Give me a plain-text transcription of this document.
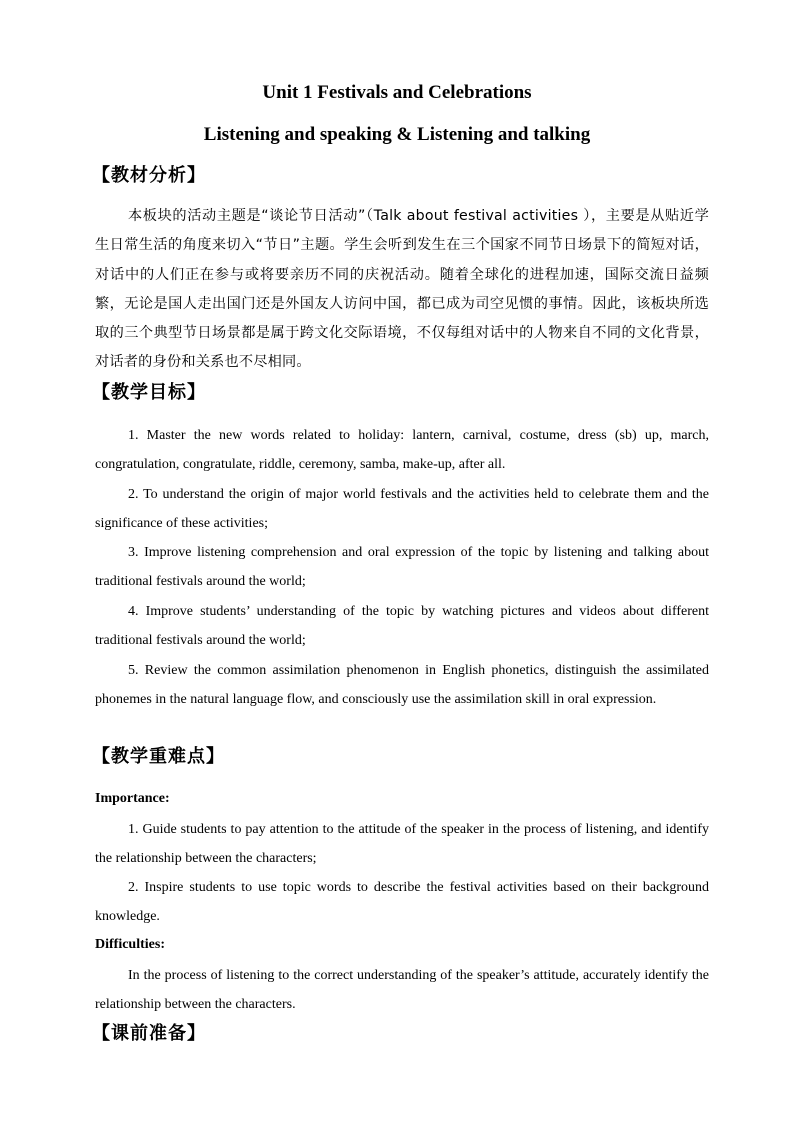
Unit 1 Festivals and Celebrations
Listening and speaking & Listening and talking
【教材分析】
本板块的活动主题是“谈论节日活动”（Talk about festival activities ），主要是从贴近学生日常生活的角度来切入“节日”主题。学生会听到发生在三个国家不同节日场景下的简短对话，对话中的人们正在参与或将要亲历不同的庆祝活动。随着全球化的进程加速，国际交流日益频繁，无论是国人走出国门还是外国友人访问中国，都已成为司空见惯的事情。因此，该板块所选取的三个典型节日场景都是属于跨文化交际语境，不仅每组对话中的人物来自不同的文化背景，对话者的身份和关系也不尽相同。
【教学目标】
1. Master the new words related to holiday: lantern, carnival, costume, dress (sb) up, march, congratulation, congratulate, riddle, ceremony, samba, make-up, after all.
2. To understand the origin of major world festivals and the activities held to celebrate them and the significance of these activities;
3. Improve listening comprehension and oral expression of the topic by listening and talking about traditional festivals around the world;
4. Improve students’ understanding of the topic by watching pictures and videos about different traditional festivals around the world;
5. Review the common assimilation phenomenon in English phonetics, distinguish the assimilated phonemes in the natural language flow, and consciously use the assimilation skill in oral expression.
【教学重难点】
Importance:
1. Guide students to pay attention to the attitude of the speaker in the process of listening, and identify the relationship between the characters;
2. Inspire students to use topic words to describe the festival activities based on their background knowledge.
Difficulties:
In the process of listening to the correct understanding of the speaker’s attitude, accurately identify the relationship between the characters.
【课前准备】
